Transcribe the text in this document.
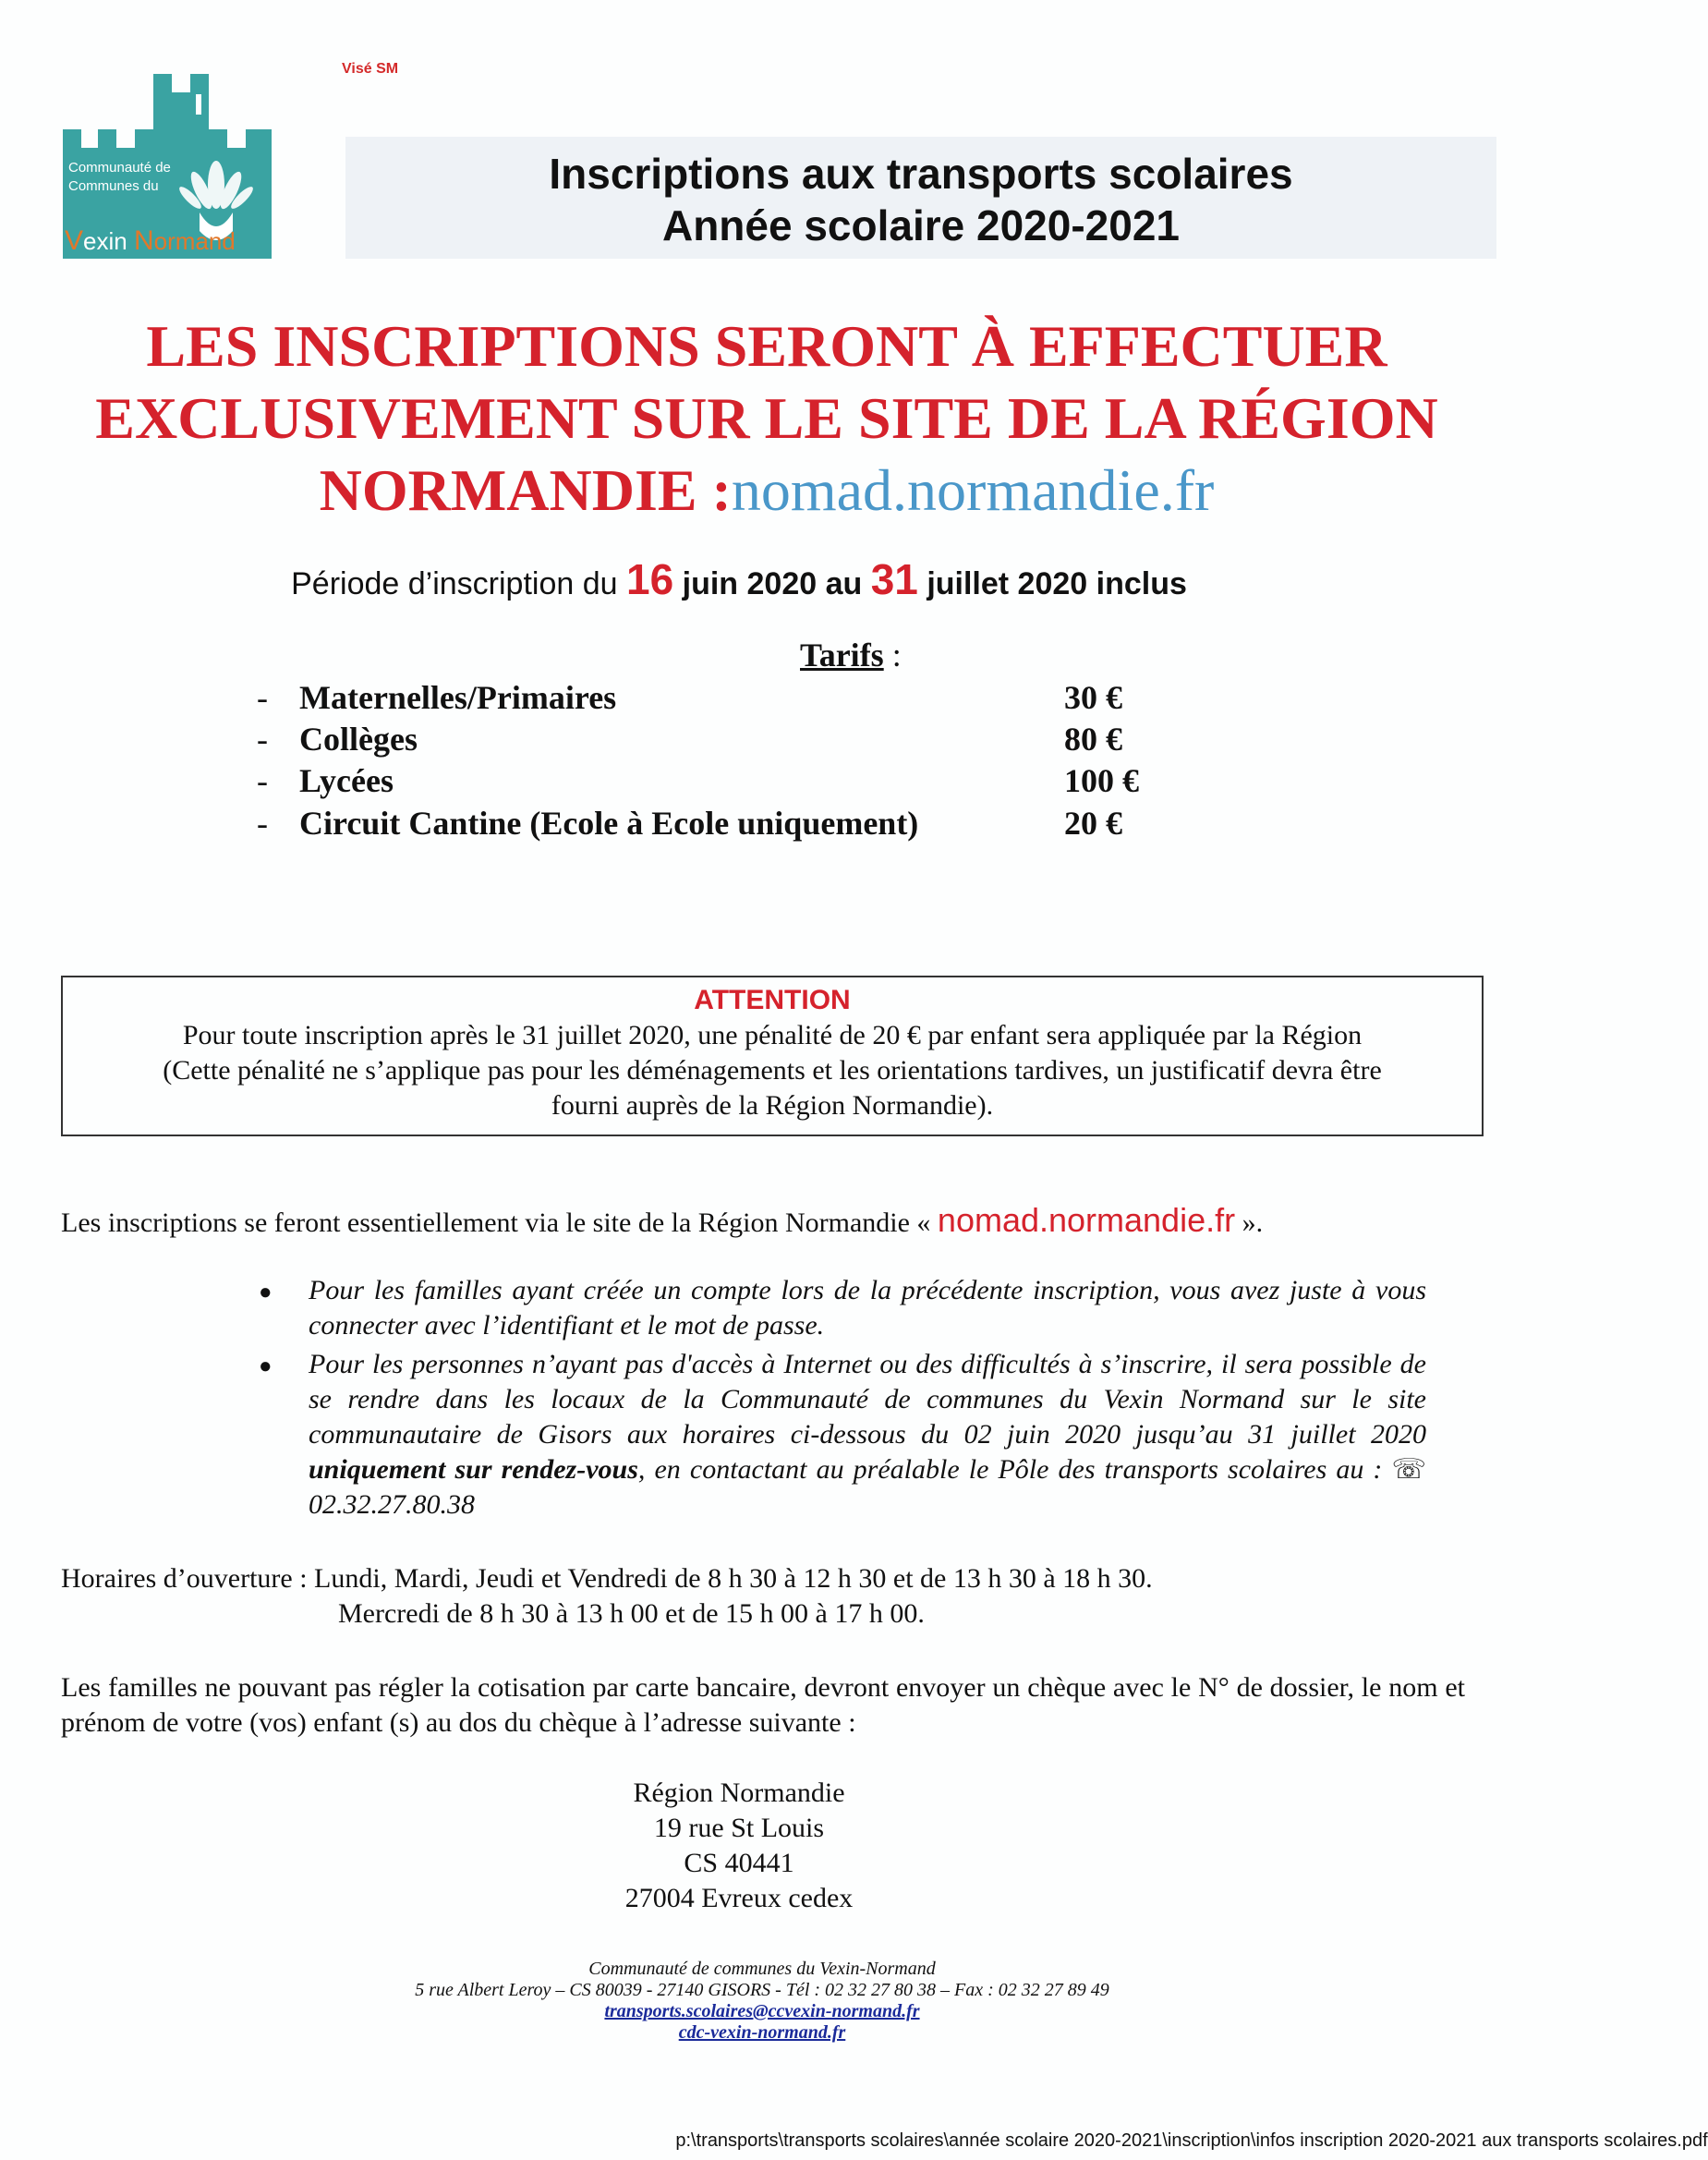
Visé SM
Communauté de
Communes du
Vexin Normand
Inscriptions aux transports scolaires
Année scolaire 2020-2021
LES INSCRIPTIONS SERONT À EFFECTUER
EXCLUSIVEMENT SUR LE SITE DE LA RÉGION
NORMANDIE :nomad.normandie.fr
Période d’inscription du 16 juin 2020 au 31 juillet 2020 inclus
Tarifs :
- Maternelles/Primaires	30 €
- Collèges	80 €
- Lycées	100 €
- Circuit Cantine (Ecole à Ecole uniquement)	20 €
ATTENTION
Pour toute inscription après le 31 juillet 2020, une pénalité de 20 € par enfant sera appliquée par la Région
(Cette pénalité ne s’applique pas pour les déménagements et les orientations tardives, un justificatif devra être
fourni auprès de la Région Normandie).
Les inscriptions se feront essentiellement via le site de la Région Normandie « nomad.normandie.fr ».
● Pour les familles ayant créée un compte lors de la précédente inscription, vous avez juste à vous connecter avec l’identifiant et le mot de passe.
● Pour les personnes n’ayant pas d'accès à Internet ou des difficultés à s’inscrire, il sera possible de se rendre dans les locaux de la Communauté de communes du Vexin Normand sur le site communautaire de Gisors aux horaires ci-dessous du 02 juin 2020 jusqu’au 31 juillet 2020 uniquement sur rendez-vous, en contactant au préalable le Pôle des transports scolaires au : ☏ 02.32.27.80.38
Horaires d’ouverture : Lundi, Mardi, Jeudi et Vendredi de 8 h 30 à 12 h 30 et de 13 h 30 à 18 h 30.
Mercredi de 8 h 30 à 13 h 00 et de 15 h 00 à 17 h 00.
Les familles ne pouvant pas régler la cotisation par carte bancaire, devront envoyer un chèque avec le N° de dossier, le nom et prénom de votre (vos) enfant (s) au dos du chèque à l’adresse suivante :
Région Normandie
19 rue St Louis
CS 40441
27004 Evreux cedex
Communauté de communes du Vexin-Normand
5 rue Albert Leroy – CS 80039 - 27140 GISORS - Tél : 02 32 27 80 38 – Fax : 02 32 27 89 49
transports.scolaires@ccvexin-normand.fr
cdc-vexin-normand.fr
p:\transports\transports scolaires\année scolaire 2020-2021\inscription\infos inscription 2020-2021 aux transports scolaires.pdf
